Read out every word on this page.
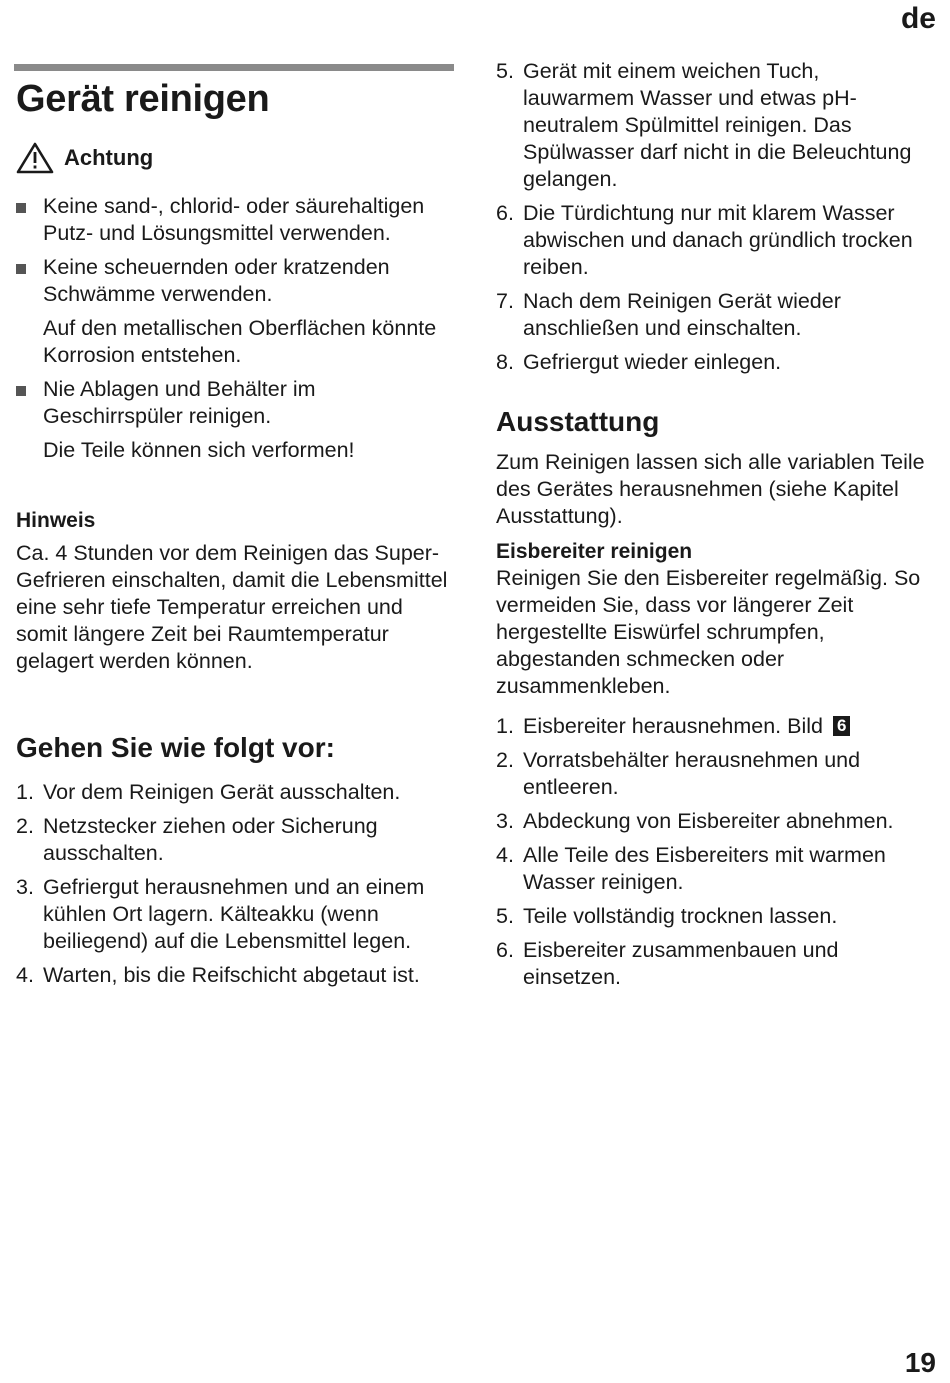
de
Gerät reinigen
Achtung
Keine sand-, chlorid- oder säurehaltigen Putz- und Lösungsmittel verwenden.
Keine scheuernden oder kratzenden Schwämme verwenden.
Auf den metallischen Oberflächen könnte Korrosion entstehen.
Nie Ablagen und Behälter im Geschirrspüler reinigen.
Die Teile können sich verformen!
Hinweis

Ca. 4 Stunden vor dem Reinigen das Super-Gefrieren einschalten, damit die Lebensmittel eine sehr tiefe Temperatur erreichen und somit längere Zeit bei Raumtemperatur gelagert werden können.

Gehen Sie wie folgt vor:
1. Vor dem Reinigen Gerät ausschalten.
2. Netzstecker ziehen oder Sicherung ausschalten.
3. Gefriergut herausnehmen und an einem kühlen Ort lagern. Kälteakku (wenn beiliegend) auf die Lebensmittel legen.
4. Warten, bis die Reifschicht abgetaut ist.
5. Gerät mit einem weichen Tuch, lauwarmem Wasser und etwas pH-neutralem Spülmittel reinigen. Das Spülwasser darf nicht in die Beleuchtung gelangen.
6. Die Türdichtung nur mit klarem Wasser abwischen und danach gründlich trocken reiben.
7. Nach dem Reinigen Gerät wieder anschließen und einschalten.
8. Gefriergut wieder einlegen.
Ausstattung

Zum Reinigen lassen sich alle variablen Teile des Gerätes herausnehmen (siehe Kapitel Ausstattung).

Eisbereiter reinigen

Reinigen Sie den Eisbereiter regelmäßig. So vermeiden Sie, dass vor längerer Zeit hergestellte Eiswürfel schrumpfen, abgestanden schmecken oder zusammenkleben.

1. Eisbereiter herausnehmen. Bild 6
2. Vorratsbehälter herausnehmen und entleeren.
3. Abdeckung von Eisbereiter abnehmen.
4. Alle Teile des Eisbereiters mit warmen Wasser reinigen.
5. Teile vollständig trocknen lassen.
6. Eisbereiter zusammenbauen und einsetzen.
19
